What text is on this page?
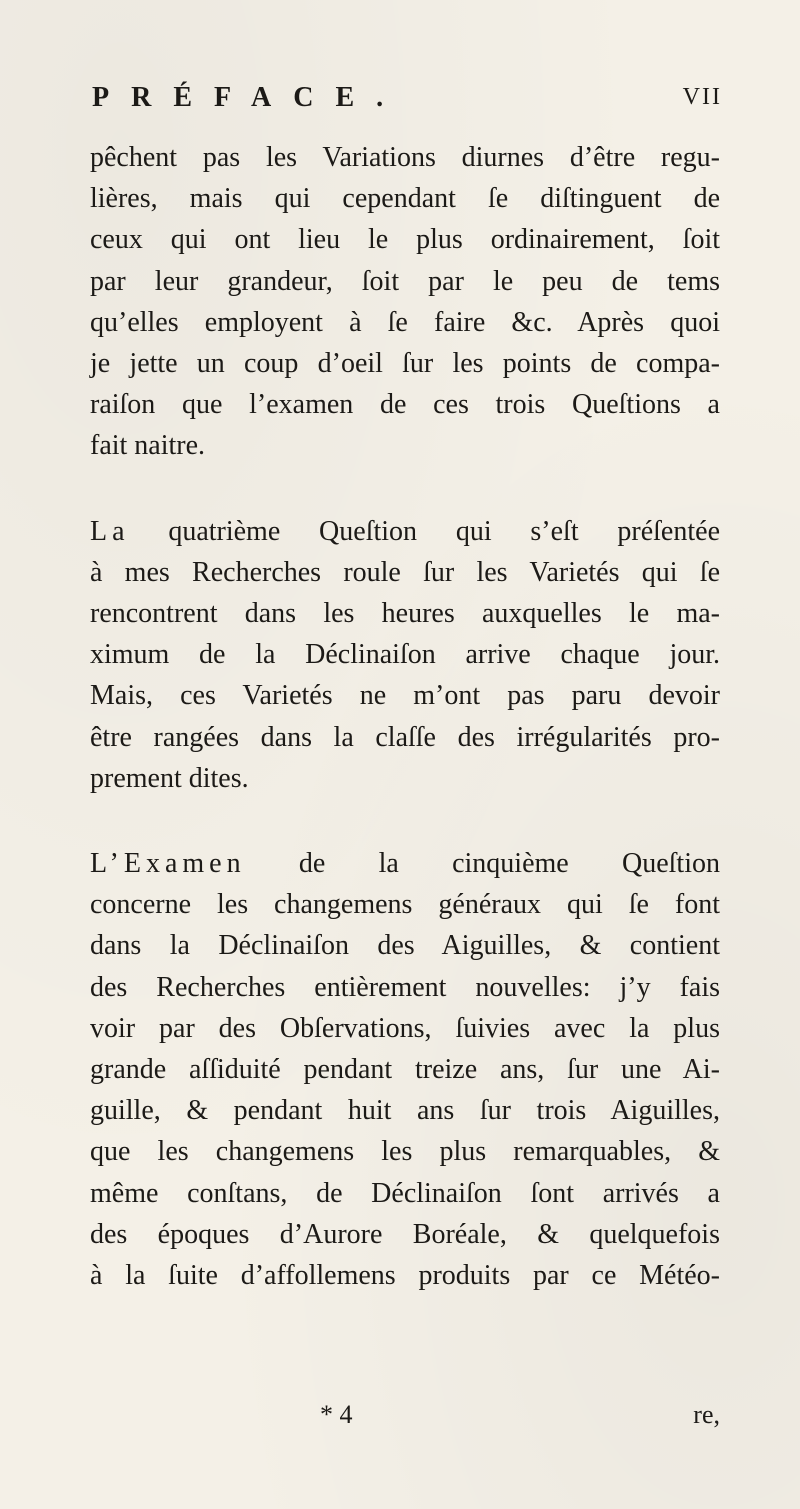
PRÉFACE.	VII

pêchent pas les Variations diurnes d’être regu-
lières, mais qui cependant ſe diſtinguent de
ceux qui ont lieu le plus ordinairement, ſoit
par leur grandeur, ſoit par le peu de tems
qu’elles employent à ſe faire &c. Après quoi
je jette un coup d’oeil ſur les points de compa-
raiſon que l’examen de ces trois Queſtions a
fait naitre.

La quatrième Queſtion qui s’eſt préſentée
à mes Recherches roule ſur les Varietés qui ſe
rencontrent dans les heures auxquelles le ma-
ximum de la Déclinaiſon arrive chaque jour.
Mais, ces Varietés ne m’ont pas paru devoir
être rangées dans la claſſe des irrégularités pro-
prement dites.

L’Examen de la cinquième Queſtion
concerne les changemens généraux qui ſe font
dans la Déclinaiſon des Aiguilles, & contient
des Recherches entièrement nouvelles: j’y fais
voir par des Obſervations, ſuivies avec la plus
grande aſſiduité pendant treize ans, ſur une Ai-
guille, & pendant huit ans ſur trois Aiguilles,
que les changemens les plus remarquables, &
même conſtans, de Déclinaiſon ſont arrivés a
des époques d’Aurore Boréale, & quelquefois
à la ſuite d’affollemens produits par ce Météo-

* 4	re,
